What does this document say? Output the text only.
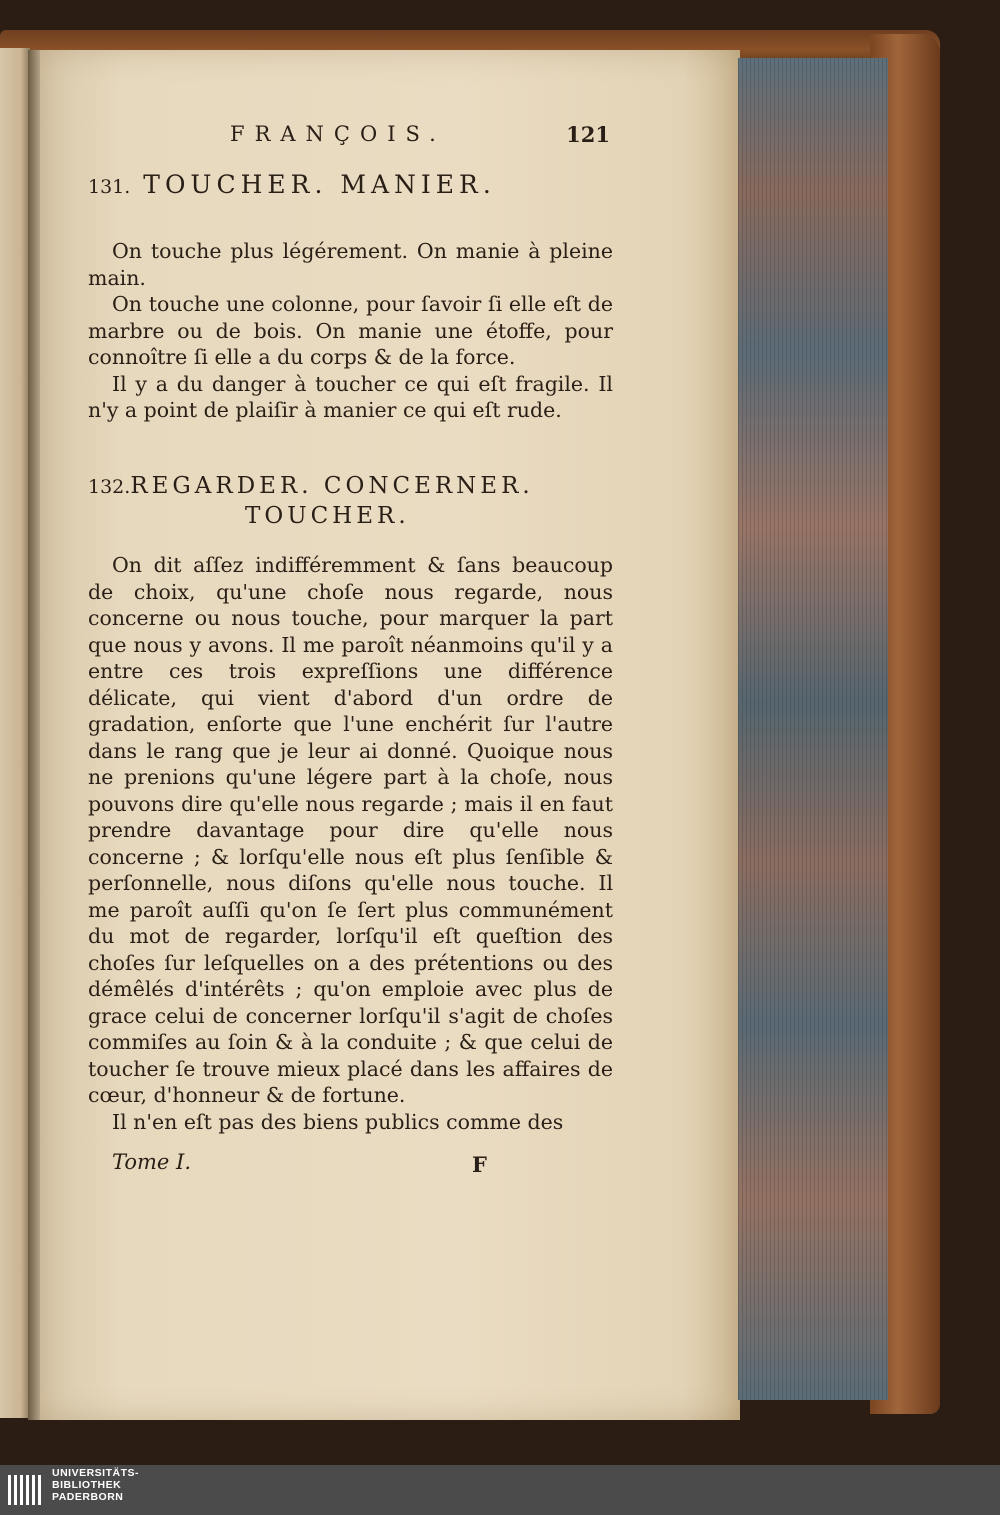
FRANÇOIS.	121
131. TOUCHER. MANIER.

On touche plus légérement. On manie à pleine main.

On touche une colonne, pour ſavoir ſi elle eſt de marbre ou de bois. On manie une étoffe, pour connoître ſi elle a du corps & de la force.

Il y a du danger à toucher ce qui eſt fragile. Il n'y a point de plaiſir à manier ce qui eſt rude.

132.REGARDER. CONCERNER.
TOUCHER.

On dit aſſez indifféremment & ſans beaucoup de choix, qu'une choſe nous regarde, nous concerne ou nous touche, pour marquer la part que nous y avons. Il me paroît néanmoins qu'il y a entre ces trois expreſſions une différence délicate, qui vient d'abord d'un ordre de gradation, enſorte que l'une enchérit ſur l'autre dans le rang que je leur ai donné. Quoique nous ne prenions qu'une légere part à la choſe, nous pouvons dire qu'elle nous regarde ; mais il en faut prendre davantage pour dire qu'elle nous concerne ; & lorſqu'elle nous eſt plus ſenſible & perſonnelle, nous diſons qu'elle nous touche. Il me paroît auſſi qu'on ſe ſert plus communément du mot de regarder, lorſqu'il eſt queſtion des choſes ſur leſquelles on a des prétentions ou des démêlés d'intérêts ; qu'on emploie avec plus de grace celui de concerner lorſqu'il s'agit de choſes commiſes au ſoin & à la conduite ; & que celui de toucher ſe trouve mieux placé dans les affaires de cœur, d'honneur & de fortune.

Il n'en eſt pas des biens publics comme des

Tome I.	F
UNIVERSITÄTS-
BIBLIOTHEK
PADERBORN
